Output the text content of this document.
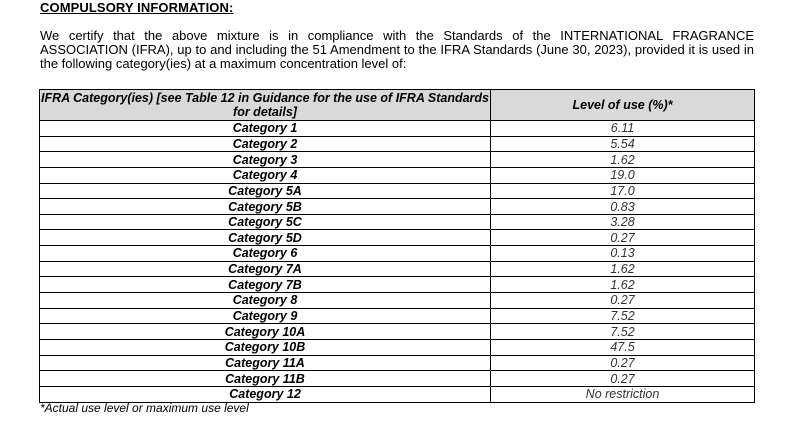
COMPULSORY INFORMATION:
We certify that the above mixture is in compliance with the Standards of the INTERNATIONAL FRAGRANCE ASSOCIATION (IFRA), up to and including the 51 Amendment to the IFRA Standards (June 30, 2023), provided it is used in the following category(ies) at a maximum concentration level of:
IFRA Category(ies) [see Table 12 in Guidance for the use of IFRA Standards for details]	Level of use (%)*
Category 1	6.11
Category 2	5.54
Category 3	1.62
Category 4	19.0
Category 5A	17.0
Category 5B	0.83
Category 5C	3.28
Category 5D	0.27
Category 6	0.13
Category 7A	1.62
Category 7B	1.62
Category 8	0.27
Category 9	7.52
Category 10A	7.52
Category 10B	47.5
Category 11A	0.27
Category 11B	0.27
Category 12	No restriction
*Actual use level or maximum use level
